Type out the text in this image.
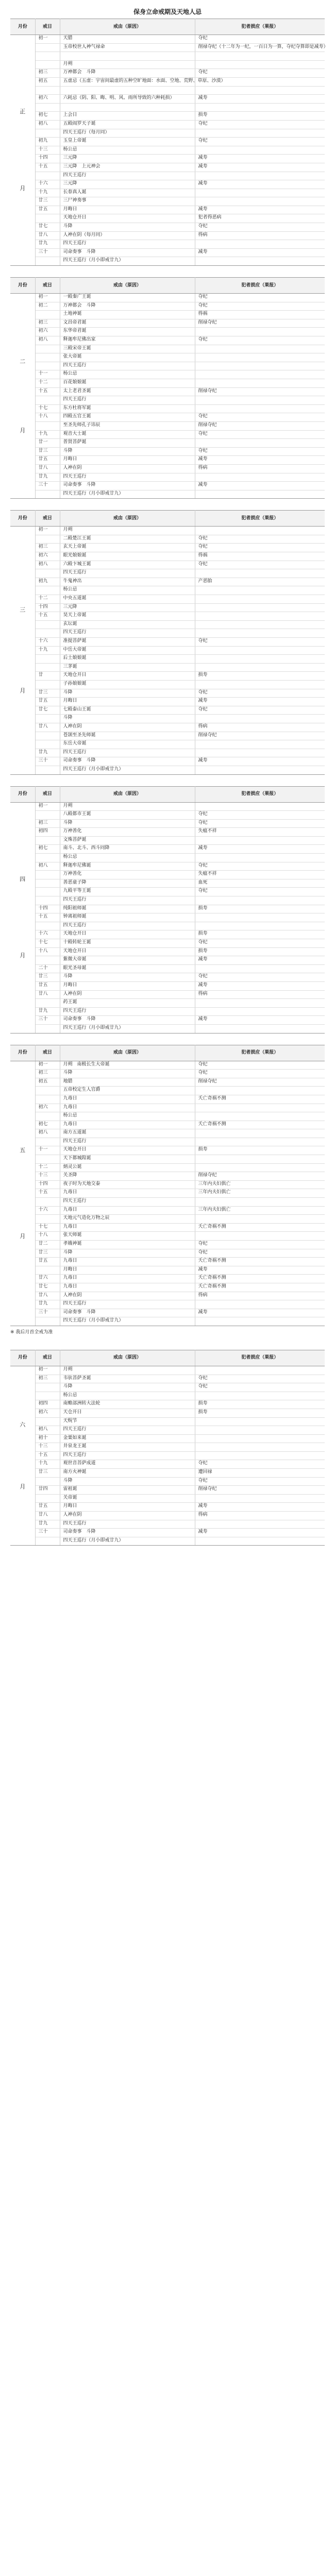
保身立命戒期及天地人忌
月份	戒日	戒由（原因）	犯者损应（果报）

正
月	初一	天腊	夺纪
		玉帝校世人神气禄命	削禄夺纪（十二年为一纪，一百日为一算，夺纪夺算即是减寿）

		月朔	
	初三	万神都会　斗降	夺纪
	初五	五虚忌（五虚：宇宙间最虚的五种空旷地面：水面、空地、荒野、草原、沙漠）	

	初六	六耗忌（阴、阳、晦、明、风、雨所导致的六种耗损）	减寿

	初七	上会日	损寿
	初八	五殿阎罗天子诞	夺纪
		四天王巡行（每月同）	
	初九	玉皇上帝诞	夺纪
	十三	杨公忌	
	十四	三元降	减寿
	十五	三元降　上元神会	减寿
		四天王巡行	
	十六	三元降	减寿
	十九	长春真人诞	
	廿三	三尸神奏事	
	廿五	月晦日	减寿
		天地仓开日	犯者得恶病
	廿七	斗降	夺纪
	廿八	人神在阴（每月同）	得病
	廿九	四天王巡行	
	三十	司命奏事　斗降	减寿
		四天王巡行（月小即戒廿九）	
月份	戒日	戒由（原因）	犯者损应（果报）

二
月	初一	一殿秦广王诞	夺纪
	初二	万神都会　斗降	夺纪
		土地神诞	得祸
	初三	文昌帝君诞	削禄夺纪
	初六	东华帝君诞	
	初八	释迦牟尼佛出家	夺纪
		三殿宋帝王诞	
		张大帝诞	
		四天王巡行	
	十一	杨公忌	
	十二	百花娘娘诞	
	十五	太上老君圣诞	削禄夺纪
		四天王巡行	
	十七	东方杜将军诞	
	十八	四殿五官王诞	夺纪
		至圣先师孔子讳辰	削禄夺纪
	十九	观音大士诞	夺纪
	廿一	普贤菩萨诞	
	廿三	斗降	夺纪
	廿五	月晦日	减寿
	廿八	人神在阴	得病
	廿九	四天王巡行	
	三十	司命奏事　斗降	减寿
		四天王巡行（月小即戒廿九）	
月份	戒日	戒由（原因）	犯者损应（果报）

三
月	初一	月朔	
		二殿楚江王诞	夺纪
	初三	玄天上帝诞	夺纪
	初六	眼光娘娘诞	得祸
	初八	六殿卞城王诞	夺纪
		四天王巡行	
	初九	牛鬼神出	产恶胎
		杨公忌	
	十二	中央五道诞	
	十四	三元降	
	十五	昊天上帝诞	
		玄坛诞	
		四天王巡行	
	十六	准提菩萨诞	夺纪
	十九	中岳大帝诞	
		后土娘娘诞	
		三茅诞	
	廿	天地仓开日	损寿
		子孙娘娘诞	
	廿三	斗降	夺纪
	廿五	月晦日	减寿
	廿七	七殿泰山王诞	夺纪
		斗降	
	廿八	人神在阴	得病
		苍颉至圣先师诞	削禄夺纪
		东岳大帝诞	
	廿九	四天王巡行	
	三十	司命奏事　斗降	减寿
		四天王巡行（月小即戒廿九）	
月份	戒日	戒由（原因）	犯者损应（果报）

四
月	初一	月朔	
		八殿都市王诞	夺纪
	初三	斗降	夺纪
	初四	万神善化	失瘟不祥
		文殊菩萨诞	
	初七	南斗、北斗、西斗同降	减寿
		杨公忌	
	初八	释迦牟尼佛诞	夺纪
		万神善化	失瘟不祥
		善恶童子降	血死
		九殿平等王诞	夺纪
		四天王巡行	
	十四	纯阳祖师诞	损寿
	十五	钟离祖师诞	
		四天王巡行	
	十六	天地仓开日	损寿
	十七	十殿转轮王诞	夺纪
	十八	天地仓开日	损寿
		紫微大帝诞	减寿
	二十	眼光圣母诞	
	廿三	斗降	夺纪
	廿五	月晦日	减寿
	廿八	人神在阴	得病
		药王诞	
	廿九	四天王巡行	
	三十	司命奏事　斗降	减寿
		四天王巡行（月小即戒廿九）	
月份	戒日	戒由（原因）	犯者损应（果报）

五
月	初一	月朔　南极长生大帝诞	夺纪
	初三	斗降	夺纪
	初五	地腊	削禄夺纪
		五帝校定生人官爵	
		九毒日	夭亡奇祸不测
	初六	九毒日	
		杨公忌	
	初七	九毒日	夭亡奇祸不测
	初八	南方五道诞	
		四天王巡行	
	十一	天地仓开日	损寿
		天下都城隍诞	
	十二	炳灵公诞	
	十三	关圣降	削禄夺纪
	十四	夜子时为天地交泰	三年内夫妇俱亡
	十五	九毒日	三年内夫妇俱亡
		四天王巡行	
	十六	九毒日	三年内夫妇俱亡
		天地元气造化万物之辰	
	十七	九毒日	夭亡奇祸不测
	十八	张天师诞	
	廿二	孝娥神诞	夺纪
	廿三	斗降	夺纪
	廿五	九毒日	夭亡奇祸不测
		月晦日	减寿
	廿六	九毒日	夭亡奇祸不测
	廿七	九毒日	夭亡奇祸不测
	廿八	人神在阴	得病
	廿九	四天王巡行	
	三十	司命奏事　斗降	减寿
		四天王巡行（月小即戒廿九）	
※ 我后月首全戒为准
月份	戒日	戒由（原因）	犯者损应（果报）

六
月	初一	月朔	
	初三	韦驮菩萨圣诞	夺纪
		斗降	夺纪
		杨公忌	
	初四	南赡部洲转大法轮	损寿
	初六	天仓开日	损寿
		天贶节	
	初八	四天王巡行	
	初十	金粟如来诞	
	十三	井泉龙王诞	
	十五	四天王巡行	
	十九	观世音菩萨成道	夺纪
	廿三	南方火神诞	遭回禄
		斗降	夺纪
	廿四	雷祖诞	削禄夺纪
		关帝诞	
	廿五	月晦日	减寿
	廿八	人神在阴	得病
	廿九	四天王巡行	
	三十	司命奏事　斗降	减寿
		四天王巡行（月小即戒廿九）	
